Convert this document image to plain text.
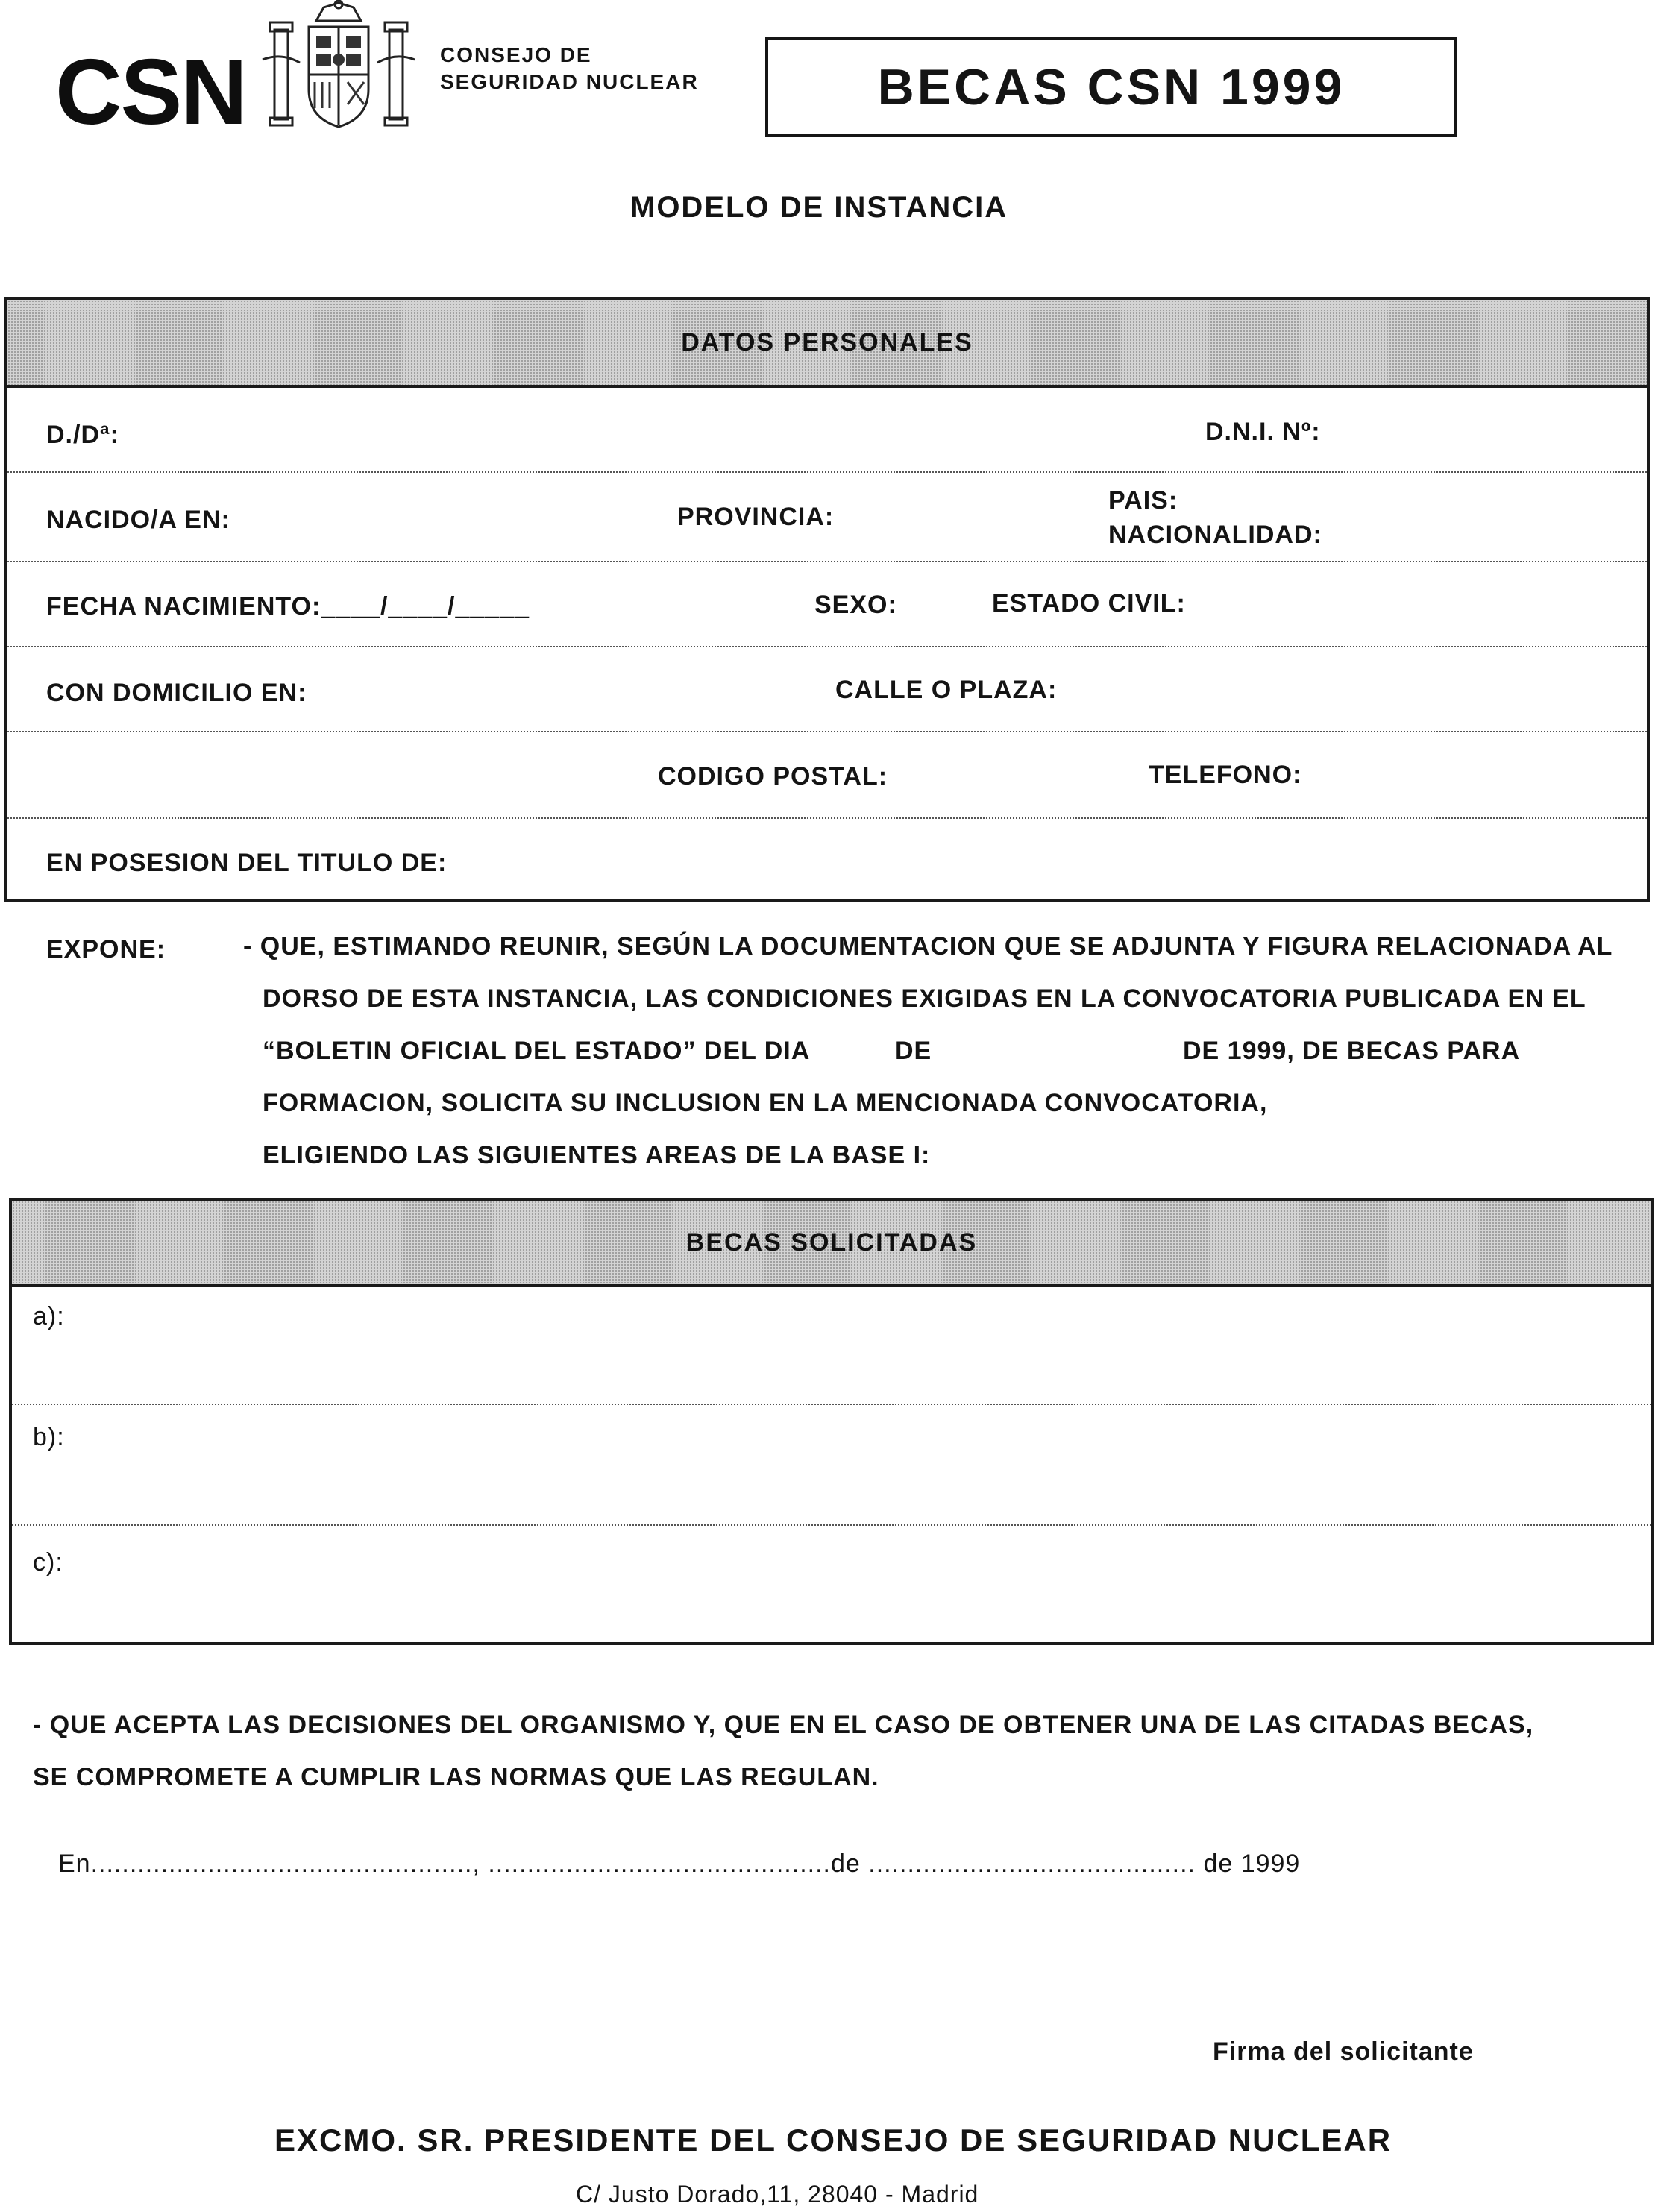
CSN	CONSEJO DE
SEGURIDAD NUCLEAR	BECAS CSN 1999
MODELO DE INSTANCIA
DATOS PERSONALES
D./Dª:	D.N.I. Nº:
NACIDO/A EN:	PROVINCIA:
PAIS:
NACIONALIDAD:
FECHA NACIMIENTO:____/____/_____	SEXO:	ESTADO CIVIL:
CON DOMICILIO EN:	CALLE O PLAZA:
CODIGO POSTAL:	TELEFONO:
EN POSESION DEL TITULO DE:
EXPONE:	- QUE, ESTIMANDO REUNIR, SEGÚN LA DOCUMENTACION QUE SE ADJUNTA Y FIGURA RELACIONADA AL
DORSO DE ESTA INSTANCIA, LAS CONDICIONES EXIGIDAS EN LA CONVOCATORIA PUBLICADA EN EL
“BOLETIN OFICIAL DEL ESTADO” DEL DIA	DE	DE 1999, DE BECAS PARA
FORMACION, SOLICITA SU INCLUSION EN LA MENCIONADA CONVOCATORIA,
ELIGIENDO LAS SIGUIENTES AREAS DE LA BASE I:
BECAS SOLICITADAS
a):
b):
c):
- QUE ACEPTA LAS DECISIONES DEL ORGANISMO Y, QUE EN EL CASO DE OBTENER UNA DE LAS CITADAS BECAS,
SE COMPROMETE A CUMPLIR LAS NORMAS QUE LAS REGULAN.
En................................................., ............................................de .......................................... de 1999
Firma del solicitante
EXCMO. SR. PRESIDENTE DEL CONSEJO DE SEGURIDAD NUCLEAR
C/ Justo Dorado,11, 28040 - Madrid
